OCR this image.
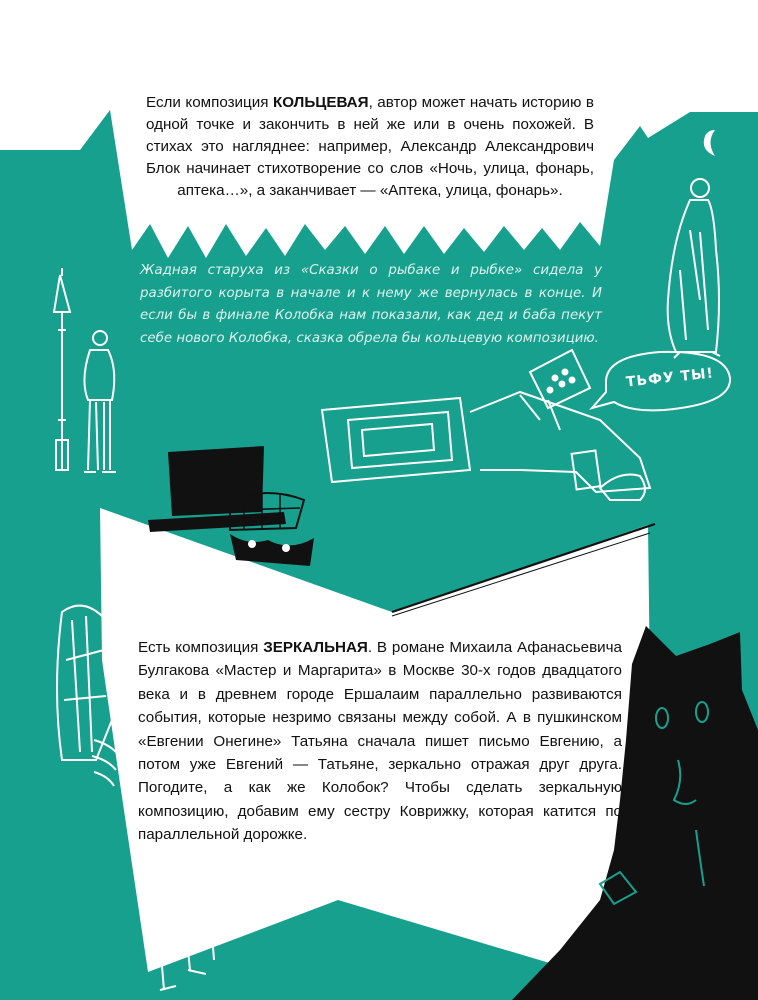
Если композиция КОЛЬЦЕВАЯ, автор может начать историю в одной точке и закончить в ней же или в очень похожей. В стихах это нагляднее: например, Александр Александрович Блок начинает стихотворение со слов «Ночь, улица, фонарь, аптека…», а заканчивает — «Аптека, улица, фонарь».

Жадная старуха из «Сказки о рыбаке и рыбке» сидела у разбитого корыта в начале и к нему же вернулась в конце. И если бы в финале Колобка нам показали, как дед и баба пекут себе нового Колобка, сказка обрела бы кольцевую композицию.

ТЬФУ ТЫ!

Есть композиция ЗЕРКАЛЬНАЯ. В романе Михаила Афанасьевича Булгакова «Мастер и Маргарита» в Москве 30-х годов двадцатого века и в древнем городе Ершалаим параллельно развиваются события, которые незримо связаны между собой. А в пушкинском «Евгении Онегине» Татьяна сначала пишет письмо Евгению, а потом уже Евгений — Татьяне, зеркально отражая друг друга. Погодите, а как же Колобок? Чтобы сделать зеркальную композицию, добавим ему сестру Коврижку, которая катится по параллельной дорожке.
